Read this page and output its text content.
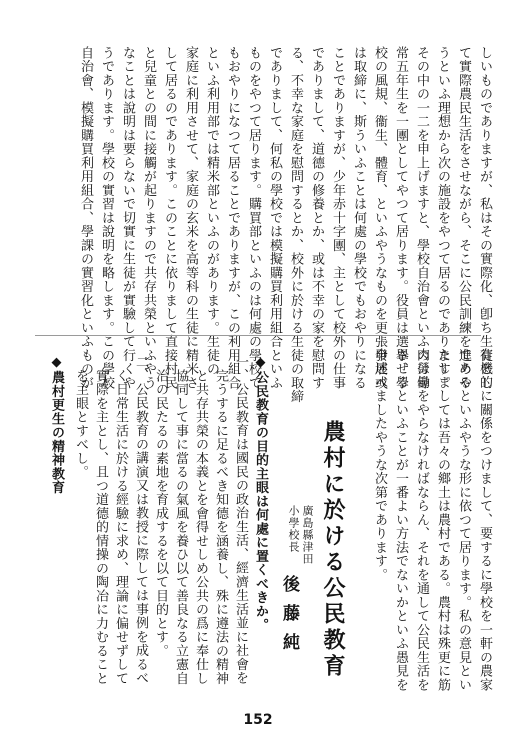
しいものでありますが、私はその實際化、卽ち生徒とし
て實際農民生活をさせながら、そこに公民訓練を進めや
うといふ理想から次の施設をやつて居るのであります。
その中の一二を申上げますと、學校自治會といふのは尋
常五年生を一團としてやつて居ります。役員は選擧、學
校の風規、衞生、體育、といふやうなものを更張發展或
は取締に、斯ういふことは何處の學校でもおやりになる
ことでありますが、少年赤十字團、主として校外の仕事
でありまして、道德の修養とか、或は不幸の家を慰問す
る、不幸な家庭を慰問するとか、校外に於ける生徒の取締
でありまして、何私の學校では模擬購買利用組合といふ
ものをやつて居ります。購買部といふのは何處の學校で
もおやりになつて居ることでありますが、この利用組合
といふ利用部では精米部といふのがあります。生徒の
家庭に利用させて、家庭の玄米を高等科の生徒に精米さ
して居るのであります。このことに依りまして直接村民
と兒童との間に接觸が起りますので共存共榮といふやう
なことは說明は要らないで切實に生徒が實驗して行くや
うであります。學校の實習は說明を略します。この學校
自治會、模擬購買利用組合、學課の實習化といふものが
有機的に關係をつけまして、要するに學校を一軒の農家
であるといふやうな形に依つて居ります。私の意見とい
たしましては吾々の鄉土は農村である。農村は殊更に筋
肉勞働をやらなければならん、それを通して公民生活を
させるといふことが一番よい方法でないかといふ愚見を
申述べましたやうな次第であります。
農村に於ける公民教育
廣島縣津田
小學校長
後藤純
◆公民教育の目的主眼は何處に置くべきか。
一、公民教育は國民の政治生活、經濟生活並に社會を
完うするに足るべき知德を涵養し、殊に遵法の精神
と共存共榮の本義とを會得せしめ公共の爲に奉仕し
協同して事に當るの氣風を養ひ以て善良なる立憲自
治の民たるの素地を育成するを以て目的とす。
二、公民教育の講演又は教授に際しては事例を成るべ
く日常生活に於ける經驗に求め、理論に偏せずして
實際を主とし、且つ道德的情操の陶冶に力むること
を主眼とすべし。
◆農村更生の精神教育
152
